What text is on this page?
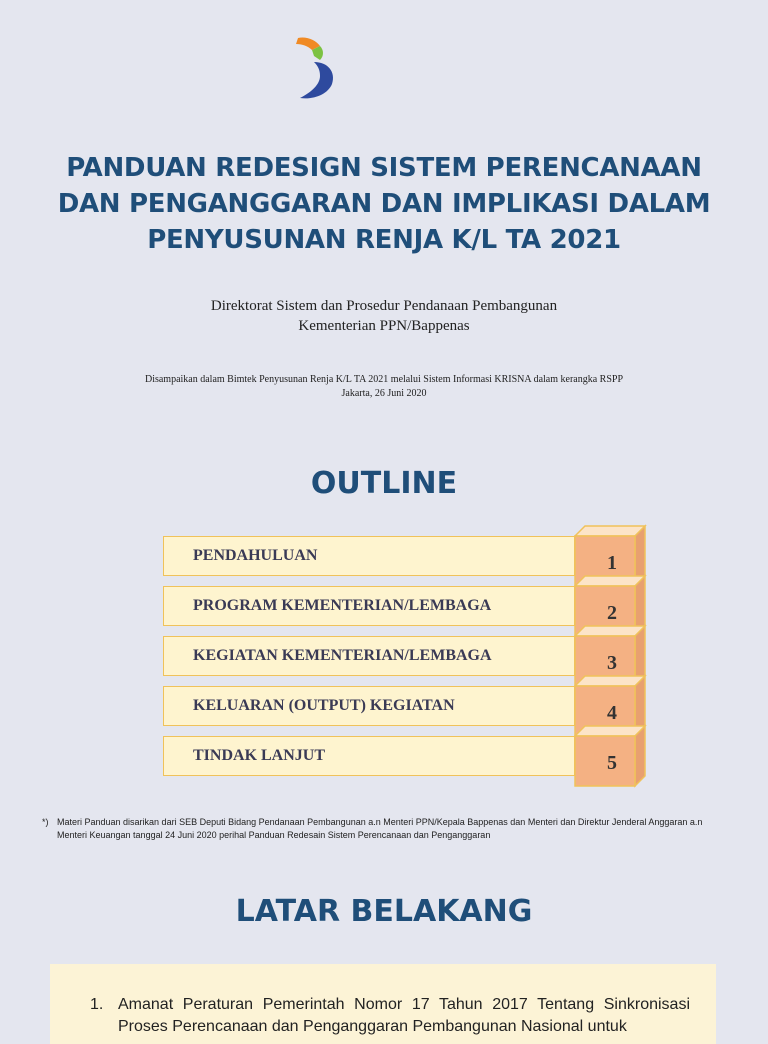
PANDUAN REDESIGN SISTEM PERENCANAAN
DAN PENGANGGARAN DAN IMPLIKASI DALAM
PENYUSUNAN RENJA K/L TA 2021
Direktorat Sistem dan Prosedur Pendanaan Pembangunan
Kementerian PPN/Bappenas
Disampaikan dalam Bimtek Penyusunan Renja K/L TA 2021 melalui Sistem Informasi KRISNA dalam kerangka RSPP
Jakarta, 26 Juni 2020
OUTLINE
PENDAHULUAN	1
PROGRAM KEMENTERIAN/LEMBAGA	2
KEGIATAN KEMENTERIAN/LEMBAGA	3
KELUARAN (OUTPUT) KEGIATAN	4
TINDAK LANJUT	5
*) Materi Panduan disarikan dari SEB Deputi Bidang Pendanaan Pembangunan a.n Menteri PPN/Kepala Bappenas dan Menteri dan Direktur Jenderal Anggaran a.n Menteri Keuangan tanggal 24 Juni 2020 perihal Panduan Redesain Sistem Perencanaan dan Penganggaran
LATAR BELAKANG
1. Amanat Peraturan Pemerintah Nomor 17 Tahun 2017 Tentang Sinkronisasi Proses Perencanaan dan Penganggaran Pembangunan Nasional untuk
